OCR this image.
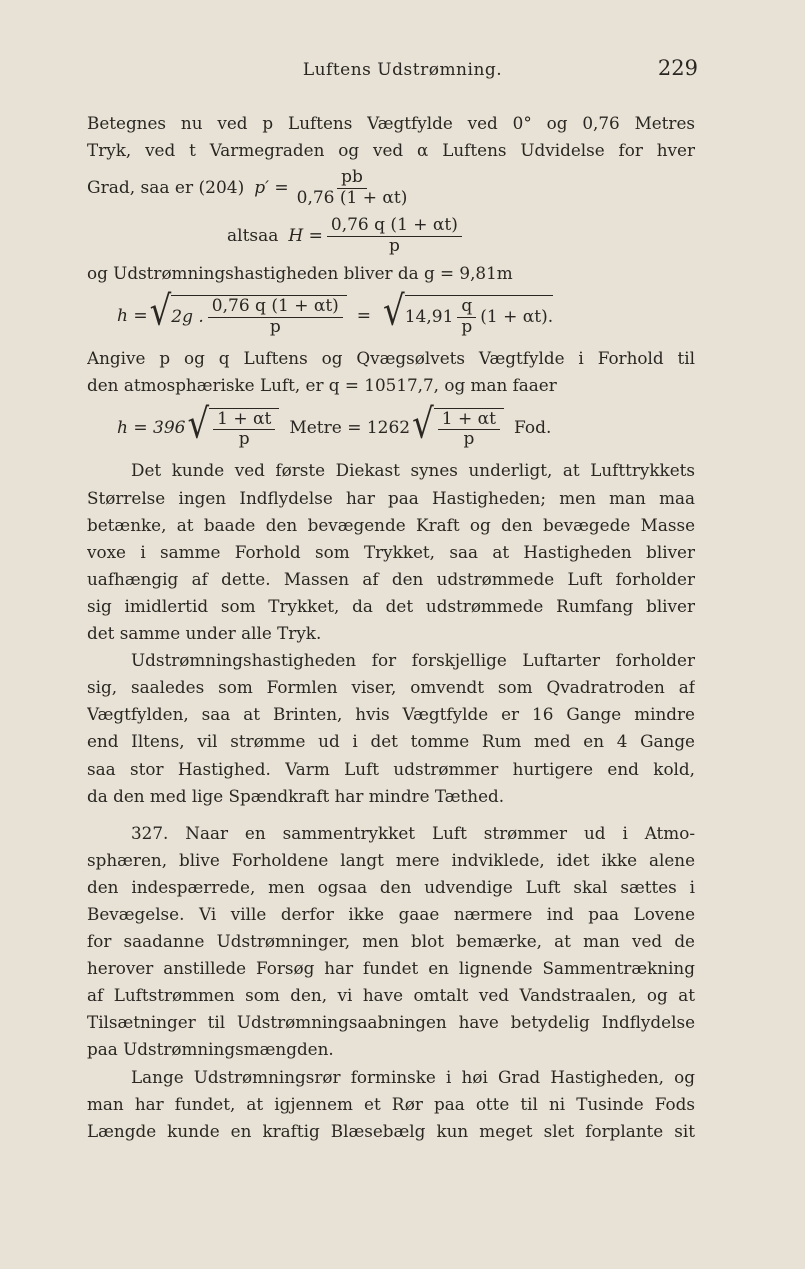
Luftens Udstrømning.	229
Betegnes nu ved p Luftens Vægtfylde ved 0° og 0,76 Metres
Tryk, ved t Varmegraden og ved α Luftens Udvidelse for hver
Grad, saa er (204) $p' = \frac{pb}{0,76 (1 + \alpha t)}$
altsaa $H = \frac{0,76 q (1 + \alpha t)}{p}$
og Udstrømningshastigheden bliver da g = 9,81m
h = √ 2g . $\frac{0,76 q (1 + \alpha t)}{p}$ = √ $14,91 \frac{q}{p} (1 + \alpha t)$.
Angive p og q Luftens og Qvægsølvets Vægtfylde i Forhold til
den atmosphæriske Luft, er q = 10517,7, og man faaer
h = 396 √ $\frac{1 + \alpha t}{p}$ Metre = 1262 √ $\frac{1 + \alpha t}{p}$ Fod.
Det kunde ved første Diekast synes underligt, at Lufttrykkets
Størrelse ingen Indflydelse har paa Hastigheden; men man maa
betænke, at baade den bevægende Kraft og den bevægede Masse
voxe i samme Forhold som Trykket, saa at Hastigheden bliver
uafhængig af dette. Massen af den udstrømmede Luft forholder
sig imidlertid som Trykket, da det udstrømmede Rumfang bliver
det samme under alle Tryk.
Udstrømningshastigheden for forskjellige Luftarter forholder
sig, saaledes som Formlen viser, omvendt som Qvadratroden af
Vægtfylden, saa at Brinten, hvis Vægtfylde er 16 Gange mindre
end Iltens, vil strømme ud i det tomme Rum med en 4 Gange
saa stor Hastighed. Varm Luft udstrømmer hurtigere end kold,
da den med lige Spændkraft har mindre Tæthed.
327. Naar en sammentrykket Luft strømmer ud i Atmo-
sphæren, blive Forholdene langt mere indviklede, idet ikke alene
den indespærrede, men ogsaa den udvendige Luft skal sættes i
Bevægelse. Vi ville derfor ikke gaae nærmere ind paa Lovene
for saadanne Udstrømninger, men blot bemærke, at man ved de
herover anstillede Forsøg har fundet en lignende Sammentrækning
af Luftstrømmen som den, vi have omtalt ved Vandstraalen, og at
Tilsætninger til Udstrømningsaabningen have betydelig Indflydelse
paa Udstrømningsmængden.
Lange Udstrømningsrør forminske i høi Grad Hastigheden, og
man har fundet, at igjennem et Rør paa otte til ni Tusinde Fods
Længde kunde en kraftig Blæsebælg kun meget slet forplante sit
